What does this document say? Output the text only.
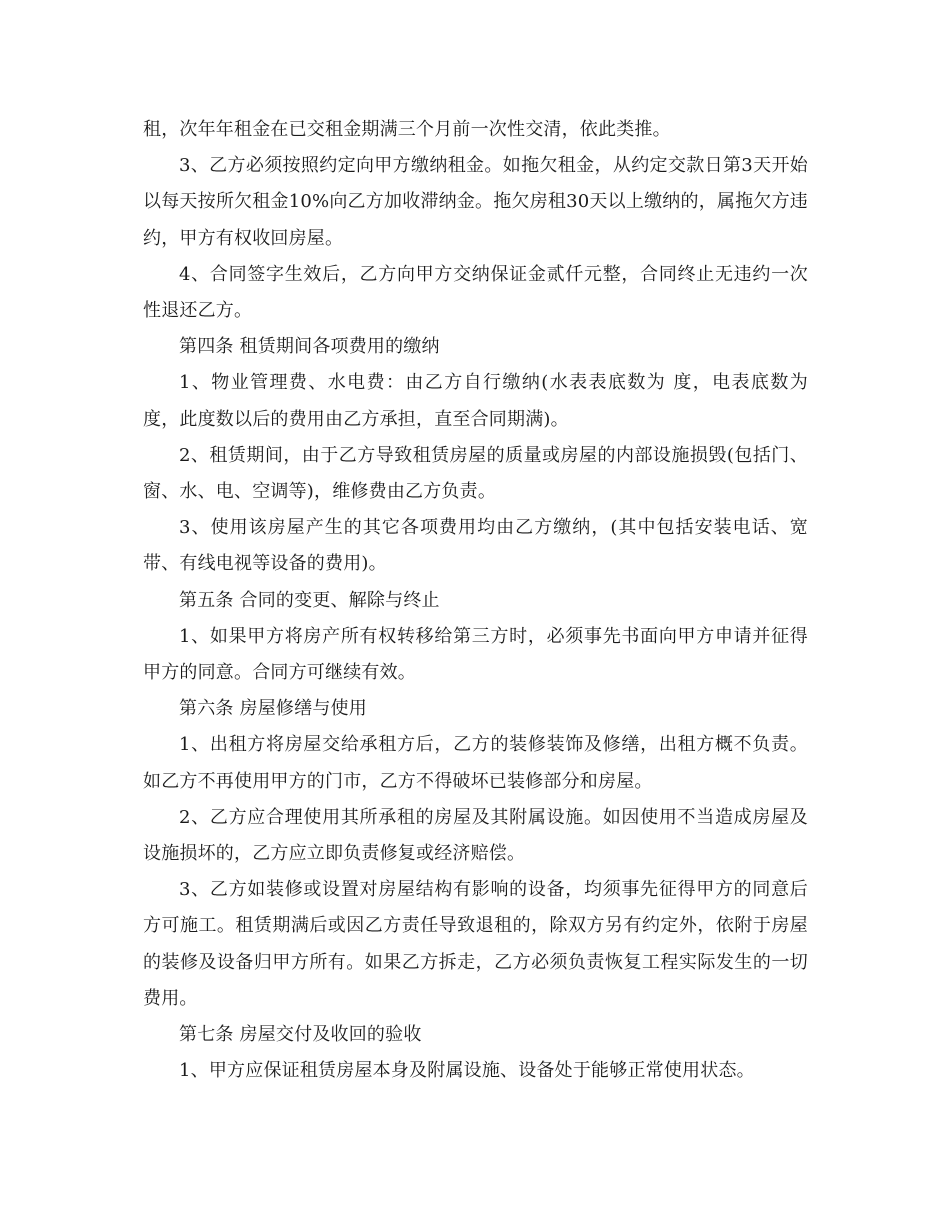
租，次年年租金在已交租金期满三个月前一次性交清，依此类推。

3、乙方必须按照约定向甲方缴纳租金。如拖欠租金，从约定交款日第3天开始以每天按所欠租金10%向乙方加收滞纳金。拖欠房租30天以上缴纳的，属拖欠方违约，甲方有权收回房屋。

4、合同签字生效后，乙方向甲方交纳保证金贰仟元整，合同终止无违约一次性退还乙方。

第四条 租赁期间各项费用的缴纳

1、物业管理费、水电费：由乙方自行缴纳(水表表底数为 度，电表底数为 度，此度数以后的费用由乙方承担，直至合同期满)。

2、租赁期间，由于乙方导致租赁房屋的质量或房屋的内部设施损毁(包括门、窗、水、电、空调等)，维修费由乙方负责。

3、使用该房屋产生的其它各项费用均由乙方缴纳，(其中包括安装电话、宽带、有线电视等设备的费用)。

第五条 合同的变更、解除与终止

1、如果甲方将房产所有权转移给第三方时，必须事先书面向甲方申请并征得甲方的同意。合同方可继续有效。

第六条 房屋修缮与使用

1、出租方将房屋交给承租方后，乙方的装修装饰及修缮，出租方概不负责。如乙方不再使用甲方的门市，乙方不得破坏已装修部分和房屋。

2、乙方应合理使用其所承租的房屋及其附属设施。如因使用不当造成房屋及设施损坏的，乙方应立即负责修复或经济赔偿。

3、乙方如装修或设置对房屋结构有影响的设备，均须事先征得甲方的同意后方可施工。租赁期满后或因乙方责任导致退租的，除双方另有约定外，依附于房屋的装修及设备归甲方所有。如果乙方拆走，乙方必须负责恢复工程实际发生的一切费用。

第七条 房屋交付及收回的验收

1、甲方应保证租赁房屋本身及附属设施、设备处于能够正常使用状态。
